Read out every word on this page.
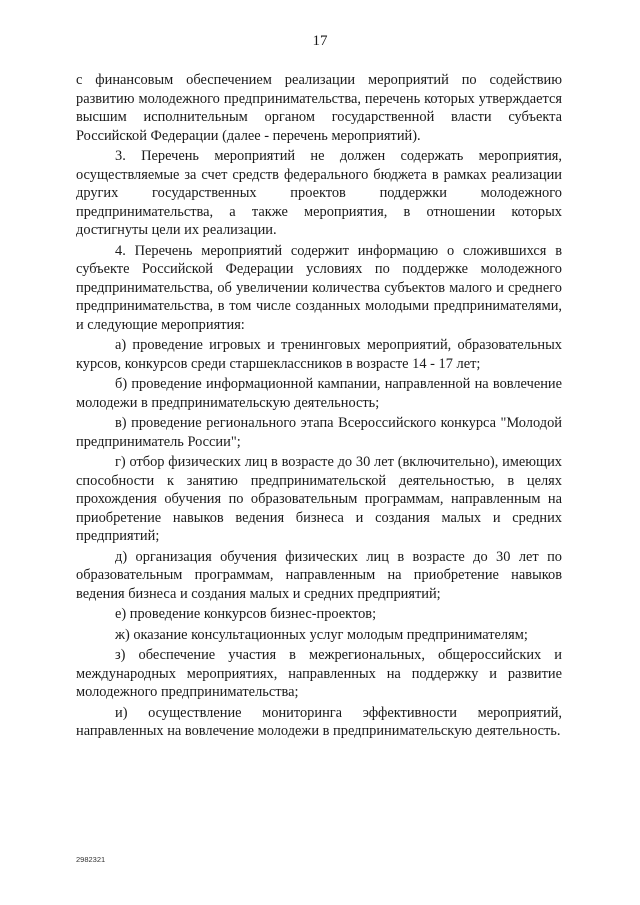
17

с финансовым обеспечением реализации мероприятий по содействию развитию молодежного предпринимательства, перечень которых утверждается высшим исполнительным органом государственной власти субъекта Российской Федерации (далее - перечень мероприятий).

3. Перечень мероприятий не должен содержать мероприятия, осуществляемые за счет средств федерального бюджета в рамках реализации других государственных проектов поддержки молодежного предпринимательства, а также мероприятия, в отношении которых достигнуты цели их реализации.

4. Перечень мероприятий содержит информацию о сложившихся в субъекте Российской Федерации условиях по поддержке молодежного предпринимательства, об увеличении количества субъектов малого и среднего предпринимательства, в том числе созданных молодыми предпринимателями, и следующие мероприятия:

а) проведение игровых и тренинговых мероприятий, образовательных курсов, конкурсов среди старшеклассников в возрасте 14 - 17 лет;

б) проведение информационной кампании, направленной на вовлечение молодежи в предпринимательскую деятельность;

в) проведение регионального этапа Всероссийского конкурса "Молодой предприниматель России";

г) отбор физических лиц в возрасте до 30 лет (включительно), имеющих способности к занятию предпринимательской деятельностью, в целях прохождения обучения по образовательным программам, направленным на приобретение навыков ведения бизнеса и создания малых и средних предприятий;

д) организация обучения физических лиц в возрасте до 30 лет по образовательным программам, направленным на приобретение навыков ведения бизнеса и создания малых и средних предприятий;

е) проведение конкурсов бизнес-проектов;

ж) оказание консультационных услуг молодым предпринимателям;

з) обеспечение участия в межрегиональных, общероссийских и международных мероприятиях, направленных на поддержку и развитие молодежного предпринимательства;

и) осуществление мониторинга эффективности мероприятий, направленных на вовлечение молодежи в предпринимательскую деятельность.

2982321
